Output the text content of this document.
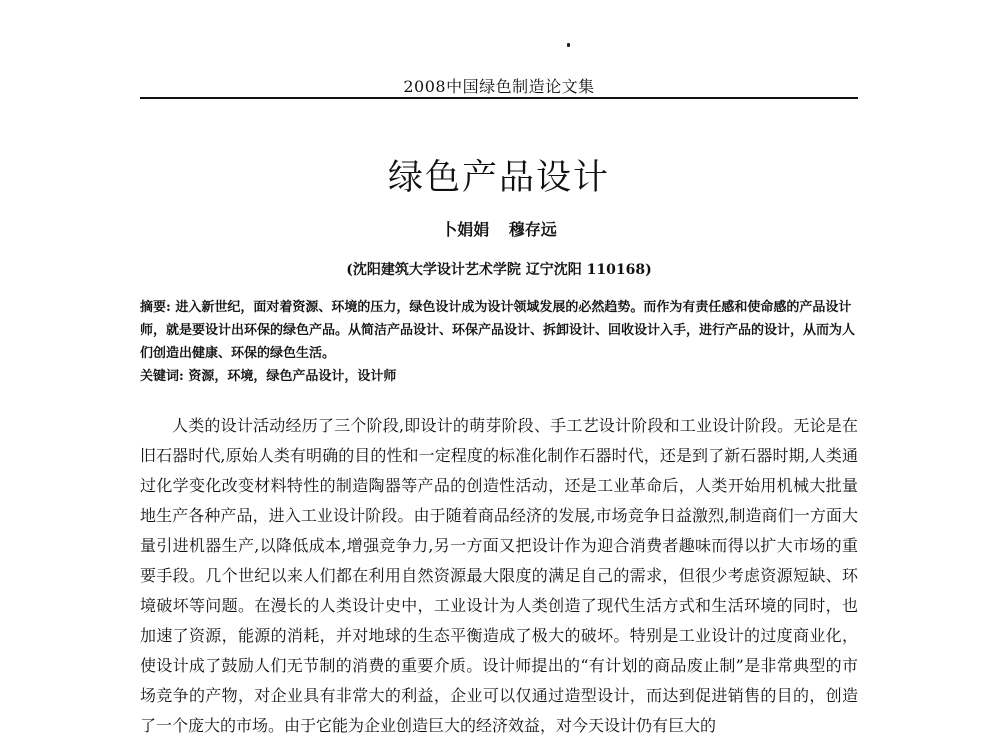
2008中国绿色制造论文集
绿色产品设计
卜娟娟 穆存远
(沈阳建筑大学设计艺术学院 辽宁沈阳 110168)
摘要: 进入新世纪，面对着资源、环境的压力，绿色设计成为设计领域发展的必然趋势。而作为有责任感和使命感的产品设计师，就是要设计出环保的绿色产品。从简洁产品设计、环保产品设计、拆卸设计、回收设计入手，进行产品的设计，从而为人们创造出健康、环保的绿色生活。
关键词: 资源，环境，绿色产品设计，设计师

人类的设计活动经历了三个阶段,即设计的萌芽阶段、手工艺设计阶段和工业设计阶段。无论是在旧石器时代,原始人类有明确的目的性和一定程度的标准化制作石器时代，还是到了新石器时期,人类通过化学变化改变材料特性的制造陶器等产品的创造性活动，还是工业革命后，人类开始用机械大批量地生产各种产品，进入工业设计阶段。由于随着商品经济的发展,市场竞争日益激烈,制造商们一方面大量引进机器生产,以降低成本,增强竞争力,另一方面又把设计作为迎合消费者趣味而得以扩大市场的重要手段。几个世纪以来人们都在利用自然资源最大限度的满足自己的需求，但很少考虑资源短缺、环境破坏等问题。在漫长的人类设计史中，工业设计为人类创造了现代生活方式和生活环境的同时，也加速了资源，能源的消耗，并对地球的生态平衡造成了极大的破坏。特别是工业设计的过度商业化，使设计成了鼓励人们无节制的消费的重要介质。设计师提出的“有计划的商品废止制”是非常典型的市场竞争的产物，对企业具有非常大的利益，企业可以仅通过造型设计，而达到促进销售的目的，创造了一个庞大的市场。由于它能为企业创造巨大的经济效益，对今天设计仍有巨大的
